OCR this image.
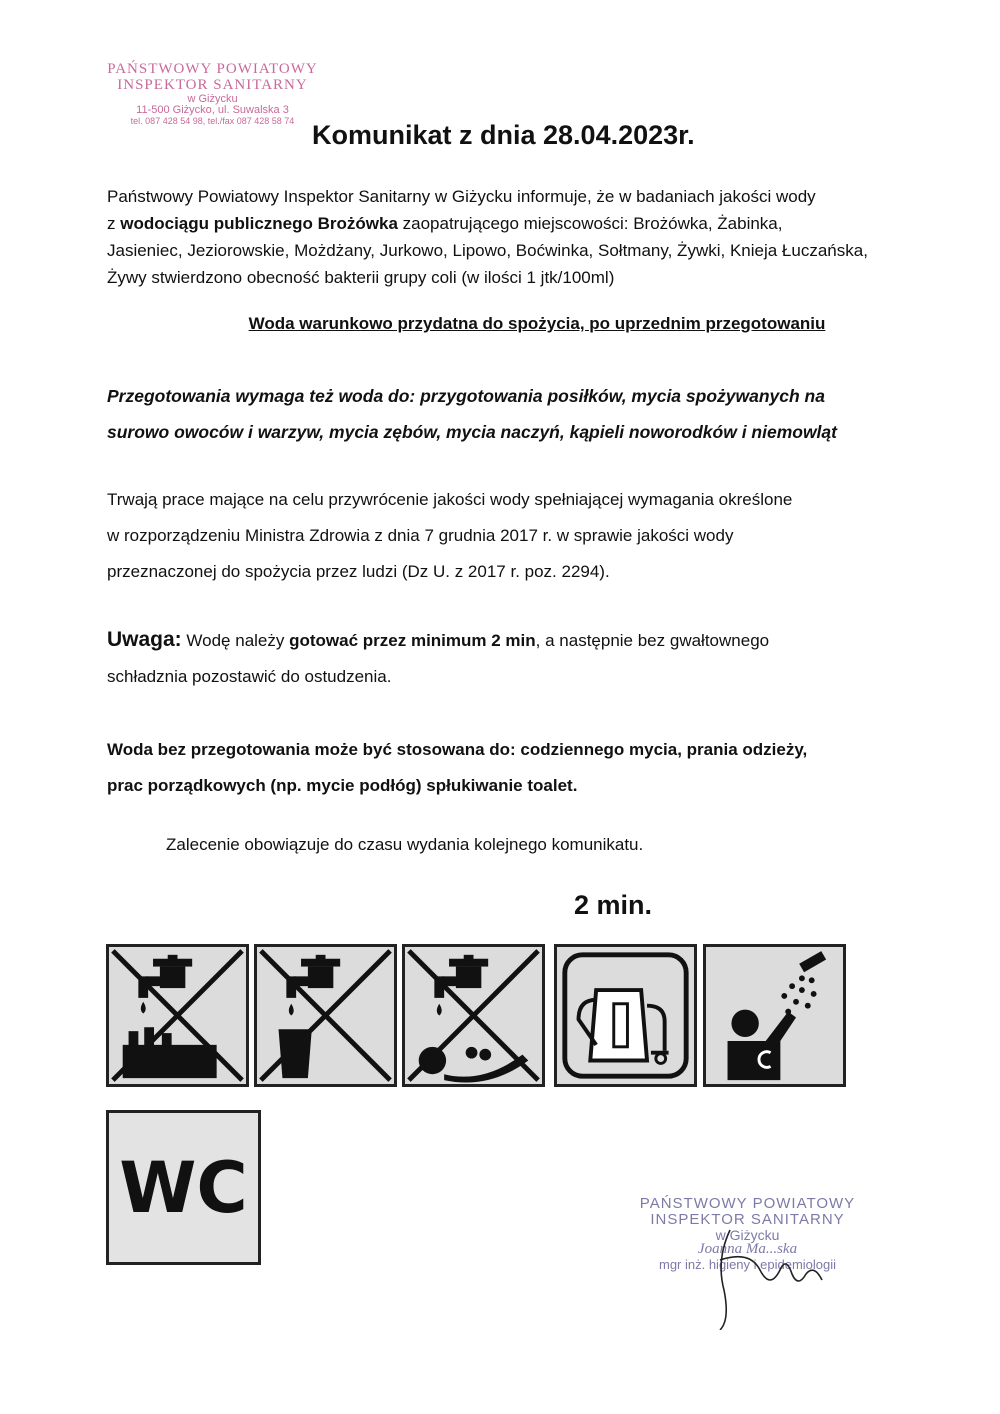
PAŃSTWOWY POWIATOWY
INSPEKTOR SANITARNY
w Giżycku
11-500 Giżycko, ul. Suwalska 3
tel. 087 428 54 98, tel./fax 087 428 58 74 Komunikat z dnia 28.04.2023r.
Państwowy Powiatowy Inspektor Sanitarny w Giżycku informuje, że w badaniach jakości wody
z wodociągu publicznego Brożówka zaopatrującego miejscowości: Brożówka, Żabinka,
Jasieniec, Jeziorowskie, Możdżany, Jurkowo, Lipowo, Boćwinka, Sołtmany, Żywki, Knieja Łuczańska,
Żywy stwierdzono obecność bakterii grupy coli (w ilości 1 jtk/100ml)
Woda warunkowo przydatna do spożycia, po uprzednim przegotowaniu
Przegotowania wymaga też woda do: przygotowania posiłków, mycia spożywanych na
surowo owoców i warzyw, mycia zębów, mycia naczyń, kąpieli noworodków i niemowląt
Trwają prace mające na celu przywrócenie jakości wody spełniającej wymagania określone
w rozporządzeniu Ministra Zdrowia z dnia 7 grudnia 2017 r. w sprawie jakości wody
przeznaczonej do spożycia przez ludzi (Dz U. z 2017 r. poz. 2294).
Uwaga: Wodę należy gotować przez minimum 2 min, a następnie bez gwałtownego
schładznia pozostawić do ostudzenia.
Woda bez przegotowania może być stosowana do: codziennego mycia, prania odzieży,
prac porządkowych (np. mycie podłóg) spłukiwanie toalet.
Zalecenie obowiązuje do czasu wydania kolejnego komunikatu.
2 min.
WC	PAŃSTWOWY POWIATOWY
INSPEKTOR SANITARNY
w Giżycku
Joanna Ma...ska
mgr inż. higieny i epidemiologii
